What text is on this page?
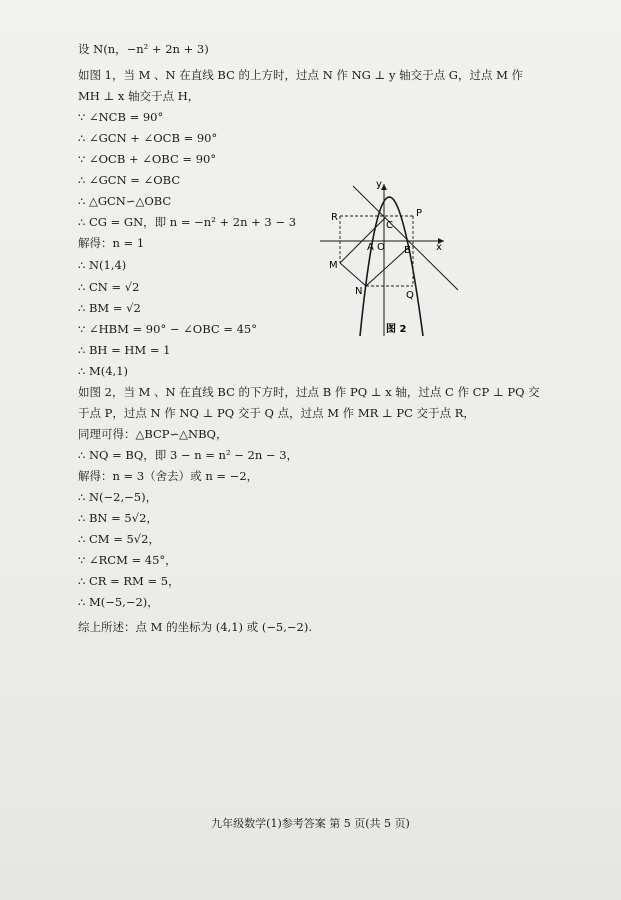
设 N(n，−n² + 2n + 3)
如图 1，当 M 、N 在直线 BC 的上方时，过点 N 作 NG ⊥ y 轴交于点 G，过点 M 作
MH ⊥ x 轴交于点 H，
∵ ∠NCB = 90°
∴ ∠GCN + ∠OCB = 90°
∵ ∠OCB + ∠OBC = 90°
∴ ∠GCN = ∠OBC
∴ △GCN∽△OBC
∴ CG = GN，即 n = −n² + 2n + 3 − 3
解得：n = 1
∴ N(1,4)
∴ CN = √2
∴ BM = √2
∵ ∠HBM = 90° − ∠OBC = 45°
∴ BH = HM = 1
∴ M(4,1)
如图 2，当 M 、N 在直线 BC 的下方时，过点 B 作 PQ ⊥ x 轴，过点 C 作 CP ⊥ PQ 交
于点 P，过点 N 作 NQ ⊥ PQ 交于 Q 点，过点 M 作 MR ⊥ PC 交于点 R，
同理可得：△BCP∽△NBQ，
∴ NQ = BQ，即 3 − n = n² − 2n − 3，
解得：n = 3（舍去）或 n = −2，
∴ N(−2,−5)，
∴ BN = 5√2，
∴ CM = 5√2，
∵ ∠RCM = 45°，
∴ CR = RM = 5，
∴ M(−5,−2)，
综上所述：点 M 的坐标为 (4,1) 或 (−5,−2).
y
x
R
C
P
A O B
M
N	Q
图 2
九年级数学(1)参考答案 第 5 页(共 5 页)
